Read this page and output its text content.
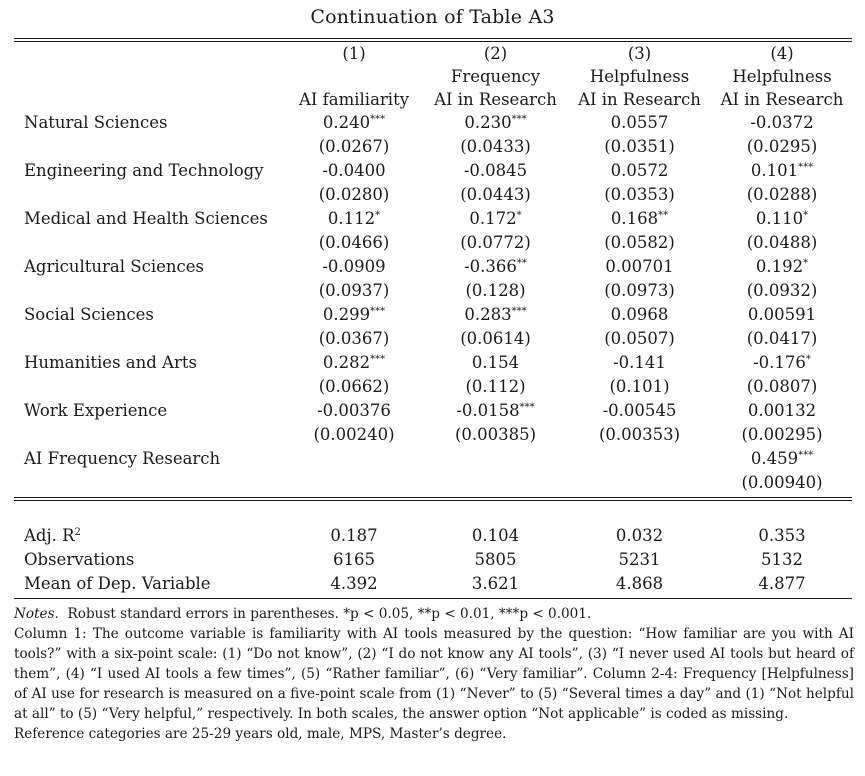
Continuation of Table A3
	(1)	(2)	(3)	(4)
		Frequency	Helpfulness	Helpfulness
	AI familiarity	AI in Research	AI in Research	AI in Research
Natural Sciences	0.240***	0.230***	0.0557	-0.0372
	(0.0267)	(0.0433)	(0.0351)	(0.0295)
Engineering and Technology	-0.0400	-0.0845	0.0572	0.101***
	(0.0280)	(0.0443)	(0.0353)	(0.0288)
Medical and Health Sciences	0.112*	0.172*	0.168**	0.110*
	(0.0466)	(0.0772)	(0.0582)	(0.0488)
Agricultural Sciences	-0.0909	-0.366**	0.00701	0.192*
	(0.0937)	(0.128)	(0.0973)	(0.0932)
Social Sciences	0.299***	0.283***	0.0968	0.00591
	(0.0367)	(0.0614)	(0.0507)	(0.0417)
Humanities and Arts	0.282***	0.154	-0.141	-0.176*
	(0.0662)	(0.112)	(0.101)	(0.0807)
Work Experience	-0.00376	-0.0158***	-0.00545	0.00132
	(0.00240)	(0.00385)	(0.00353)	(0.00295)
AI Frequency Research				0.459***
				(0.00940)
Adj. $R^2$	0.187	0.104	0.032	0.353
Observations	6165	5805	5231	5132
Mean of Dep. Variable	4.392	3.621	4.868	4.877

Notes. Robust standard errors in parentheses. *p < 0.05, **p < 0.01, ***p < 0.001.

Column 1: The outcome variable is familiarity with AI tools measured by the question: “How familiar are you with AI tools?” with a six-point scale: (1) “Do not know”, (2) “I do not know any AI tools”, (3) “I never used AI tools but heard of them”, (4) “I used AI tools a few times”, (5) “Rather familiar”, (6) “Very familiar”. Column 2-4: Frequency [Helpfulness] of AI use for research is measured on a five-point scale from (1) “Never” to (5) “Several times a day” and (1) “Not helpful at all” to (5) “Very helpful,” respectively. In both scales, the answer option “Not applicable” is coded as missing.

Reference categories are 25-29 years old, male, MPS, Master’s degree.
